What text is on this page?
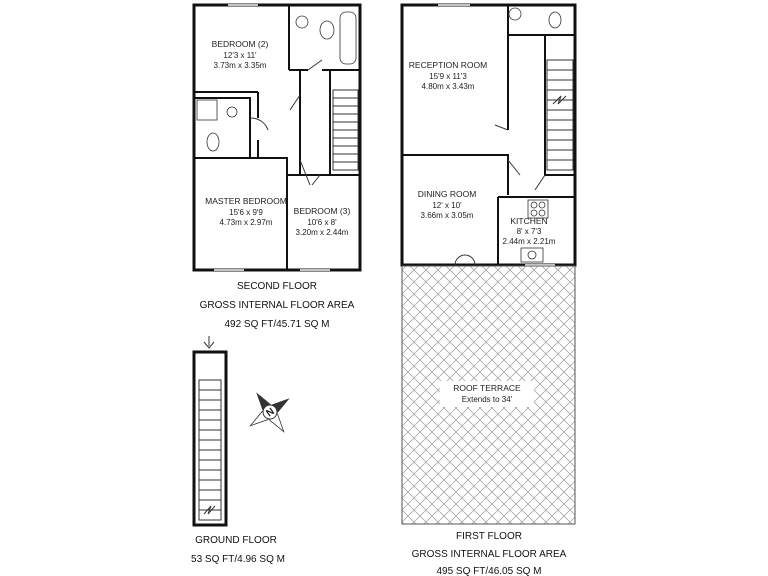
BEDROOM (2)
12'3 x 11'
3.73m x 3.35m
MASTER BEDROOM
15'6 x 9'9
4.73m x 2.97m
BEDROOM (3)
10'6 x 8'
3.20m x 2.44m
SECOND FLOOR
GROSS INTERNAL FLOOR AREA
492 SQ FT/45.71 SQ M
RECEPTION ROOM
15'9 x 11'3
4.80m x 3.43m
DINING ROOM
12' x 10'
3.66m x 3.05m
KITCHEN
8' x 7'3
2.44m x 2.21m
ROOF TERRACE
Extends to 34'
FIRST FLOOR
GROSS INTERNAL FLOOR AREA
495 SQ FT/46.05 SQ M
GROUND FLOOR
53 SQ FT/4.96 SQ M
N
